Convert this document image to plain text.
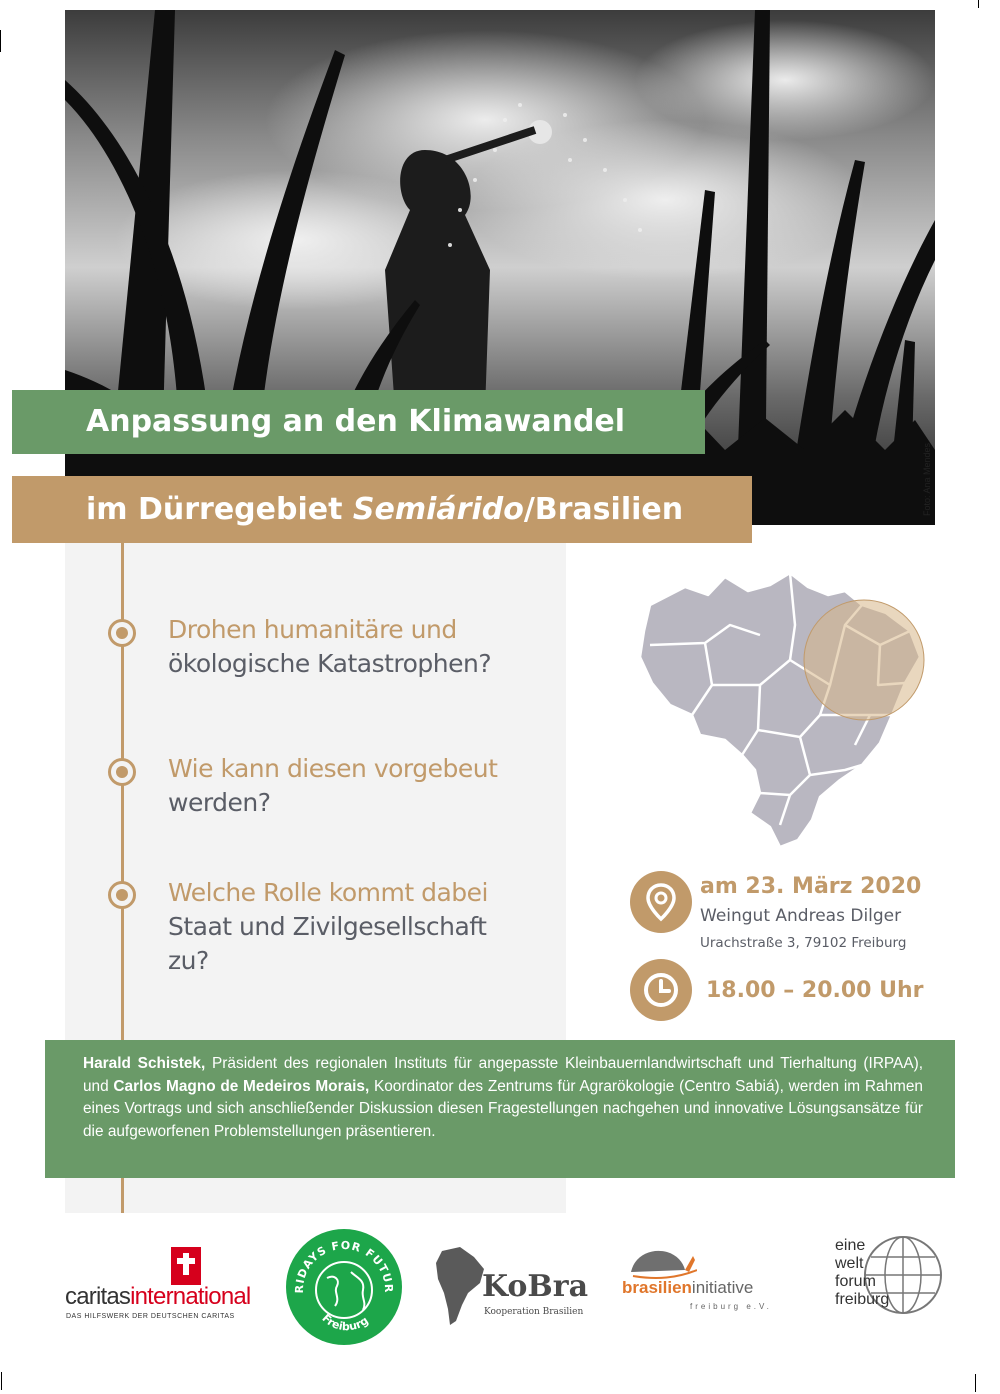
Foto: Ana Mendes
Anpassung an den Klimawandel
im Dürregebiet Semiárido/Brasilien
Drohen humanitäre und
ökologische Katastrophen?
Wie kann diesen vorgebeut
werden?
Welche Rolle kommt dabei
Staat und Zivilgesellschaft
zu?
am 23. März 2020
Weingut Andreas Dilger
Urachstraße 3, 79102 Freiburg
18.00 – 20.00 Uhr
Harald Schistek, Präsident des regionalen Instituts für angepasste Kleinbauernlandwirtschaft und Tierhaltung (IRPAA), und Carlos Magno de Medeiros Morais, Koordinator des Zentrums für Agrarökologie (Centro Sabiá), werden im Rahmen eines Vortrags und sich anschließender Diskussion diesen Fragestellungen nachgehen und innovative Lösungsansätze für die aufgeworfenen Problemstellungen präsentieren.
caritasinternational
DAS HILFSWERK DER DEUTSCHEN CARITAS
RIDAYS FOR FUTUR
Freiburg
KoBra
Kooperation Brasilien
brasilieninitiative
freiburg e.V.
eine
welt
forum
freiburg
